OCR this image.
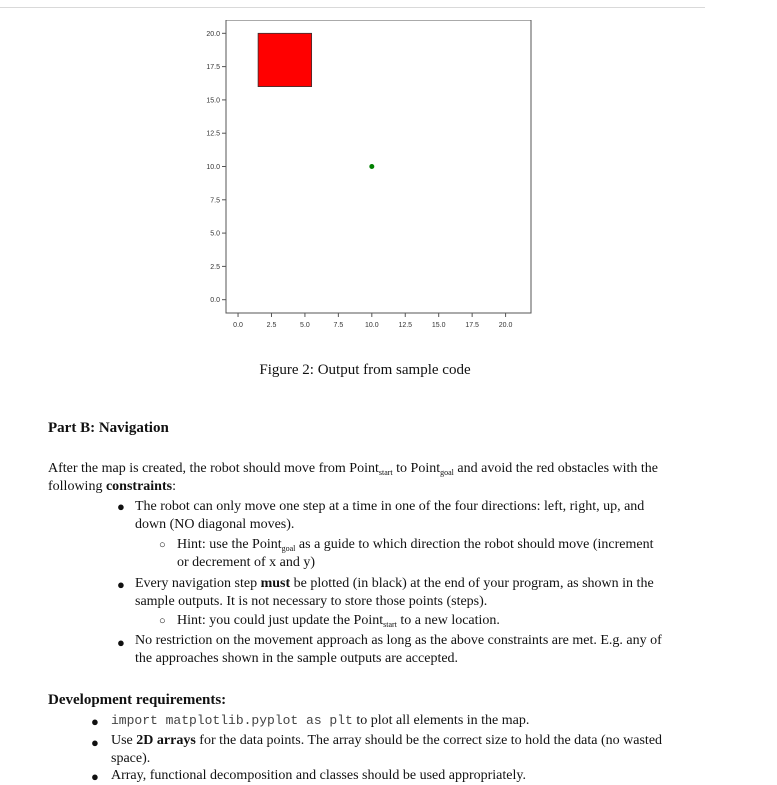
0.0	2.5	5.0	7.5	10.0	12.5	15.0	17.5	20.0
0.0
2.5
5.0
7.5
10.0
12.5
15.0
17.5
20.0
Figure 2: Output from sample code
Part B: Navigation
After the map is created, the robot should move from Point$_{start}$ to Point$_{goal}$ and avoid the red obstacles with the
following constraints:
● The robot can only move one step at a time in one of the four directions: left, right, up, and
down (NO diagonal moves).
○ Hint: use the Point$_{goal}$ as a guide to which direction the robot should move (increment
or decrement of x and y)
● Every navigation step must be plotted (in black) at the end of your program, as shown in the
sample outputs. It is not necessary to store those points (steps).
○ Hint: you could just update the Point$_{start}$ to a new location.
● No restriction on the movement approach as long as the above constraints are met. E.g. any of
the approaches shown in the sample outputs are accepted.
Development requirements:
● import matplotlib.pyplot as plt to plot all elements in the map.
● Use 2D arrays for the data points. The array should be the correct size to hold the data (no wasted
space).
● Array, functional decomposition and classes should be used appropriately.
